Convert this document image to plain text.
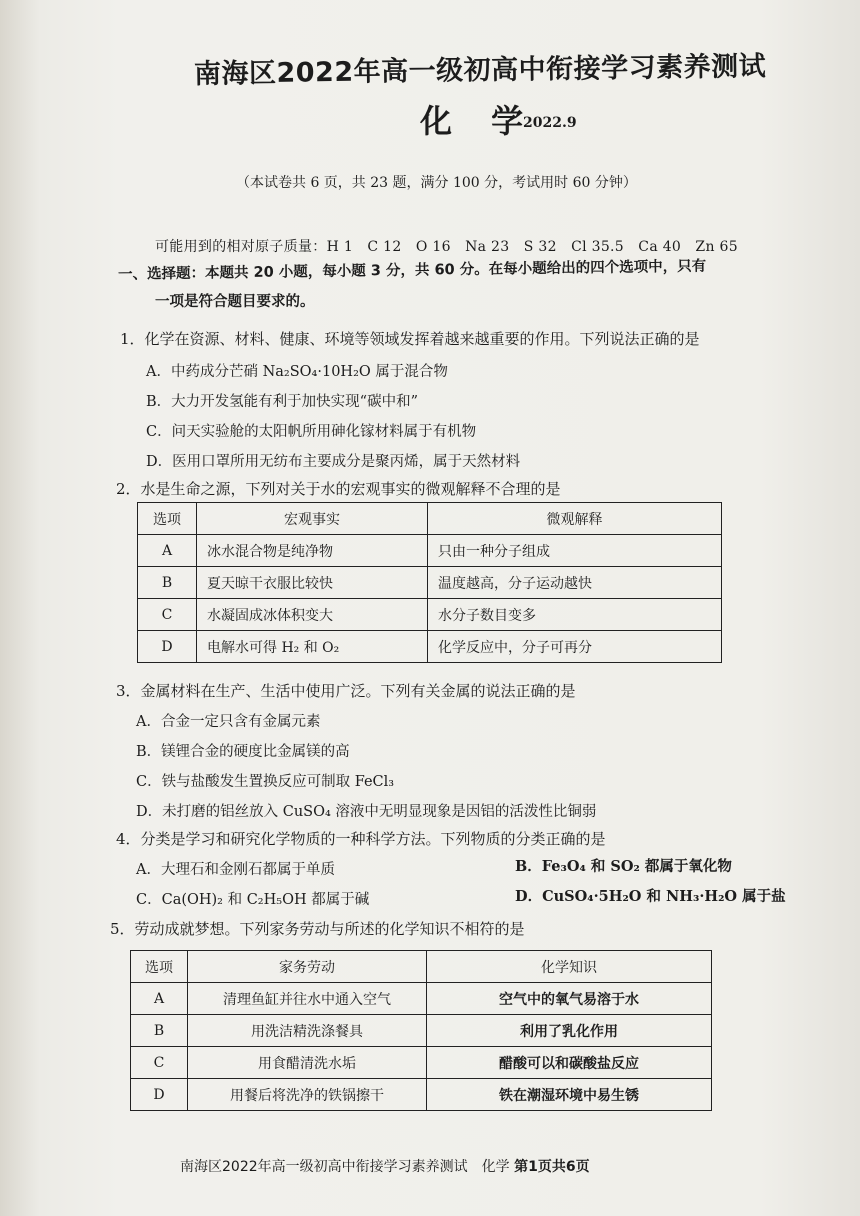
南海区2022年高一级初高中衔接学习素养测试
化 学
2022.9
（本试卷共 6 页，共 23 题，满分 100 分，考试用时 60 分钟）
可能用到的相对原子质量：H 1　C 12　O 16　Na 23　S 32　Cl 35.5　Ca 40　Zn 65
一、选择题：本题共 20 小题，每小题 3 分，共 60 分。在每小题给出的四个选项中，只有
一项是符合题目要求的。
1．化学在资源、材料、健康、环境等领域发挥着越来越重要的作用。下列说法正确的是
A．中药成分芒硝 Na₂SO₄·10H₂O 属于混合物
B．大力开发氢能有利于加快实现“碳中和”
C．问天实验舱的太阳帆所用砷化镓材料属于有机物
D．医用口罩所用无纺布主要成分是聚丙烯，属于天然材料
2．水是生命之源，下列对关于水的宏观事实的微观解释不合理的是
选项	宏观事实	微观解释
A	冰水混合物是纯净物	只由一种分子组成
B	夏天晾干衣服比较快	温度越高，分子运动越快
C	水凝固成冰体积变大	水分子数目变多
D	电解水可得 H₂ 和 O₂	化学反应中，分子可再分
3．金属材料在生产、生活中使用广泛。下列有关金属的说法正确的是
A．合金一定只含有金属元素
B．镁锂合金的硬度比金属镁的高
C．铁与盐酸发生置换反应可制取 FeCl₃
D．未打磨的铝丝放入 CuSO₄ 溶液中无明显现象是因铝的活泼性比铜弱
4．分类是学习和研究化学物质的一种科学方法。下列物质的分类正确的是
A．大理石和金刚石都属于单质	B．Fe₃O₄ 和 SO₂ 都属于氧化物
C．Ca(OH)₂ 和 C₂H₅OH 都属于碱	D．CuSO₄·5H₂O 和 NH₃·H₂O 属于盐
5．劳动成就梦想。下列家务劳动与所述的化学知识不相符的是
选项	家务劳动	化学知识
A	清理鱼缸并往水中通入空气	空气中的氧气易溶于水
B	用洗洁精洗涤餐具	利用了乳化作用
C	用食醋清洗水垢	醋酸可以和碳酸盐反应
D	用餐后将洗净的铁锅擦干	铁在潮湿环境中易生锈
南海区2022年高一级初高中衔接学习素养测试　化学 第1页共6页
